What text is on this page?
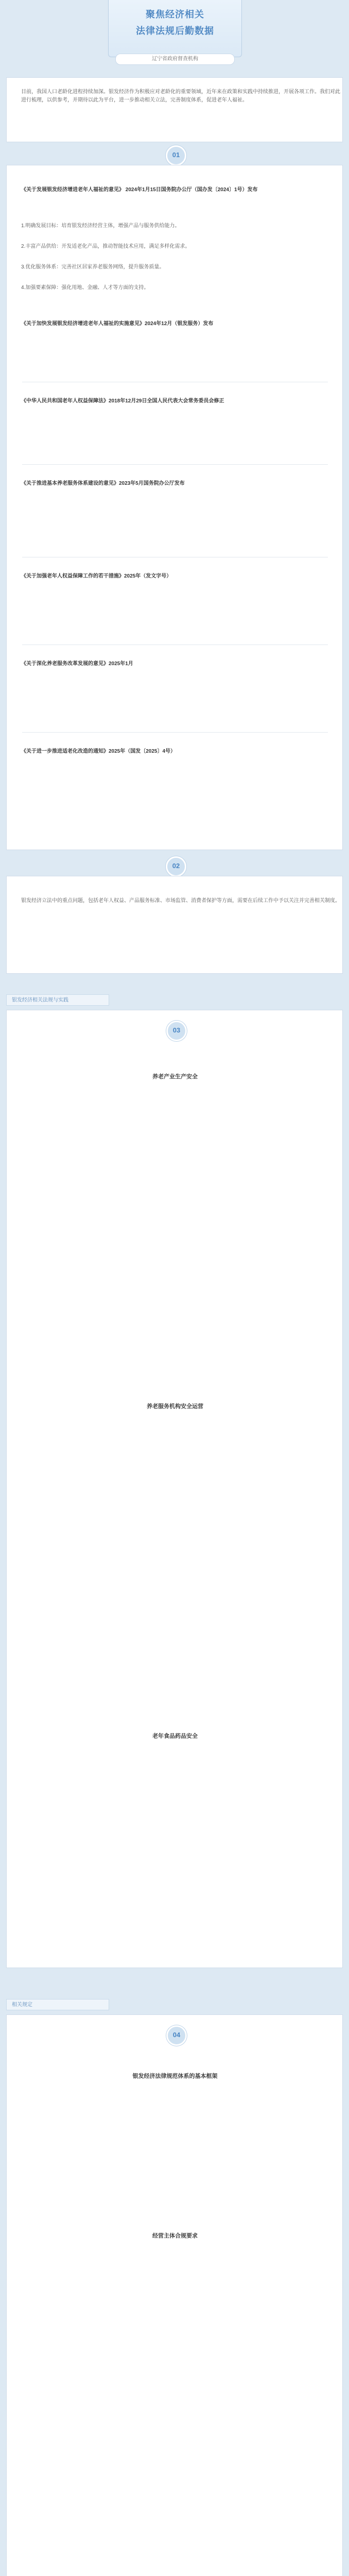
聚焦经济相关
法律法规后勤数据
辽宁省政府督查机构
目前，我国人口老龄化进程持续加深。银发经济作为积极应对老龄化的重要领域，近年来在政策和实践中持续推进，开展各项工作。我们对此进行梳理，以供参考，并期待以此为平台，进一步推动相关立法，完善制度体系，促进老年人福祉。
01
《关于发展银发经济增进老年人福祉的意见》 2024年1月15日国务院办公厅（国办发〔2024〕1号）发布
1.明确发展目标：培育银发经济经营主体，增强产品与服务供给能力。
2.丰富产品供给：开发适老化产品，推动智能技术应用，满足多样化需求。
3.优化服务体系：完善社区居家养老服务网络，提升服务质量。
4.加强要素保障：强化用地、金融、人才等方面的支持。
《关于加快发展银发经济增进老年人福祉的实施意见》2024年12月（银发服务）发布
《中华人民共和国老年人权益保障法》2018年12月29日全国人民代表大会常务委员会修正
《关于推进基本养老服务体系建设的意见》2023年5月国务院办公厅发布
《关于加强老年人权益保障工作的若干措施》2025年（发文字号）
《关于深化养老服务改革发展的意见》2025年1月
《关于进一步推进适老化改造的通知》2025年（国发〔2025〕4号）
02
银发经济立法中的重点问题，包括老年人权益、产品服务标准、市场监管、消费者保护等方面，需要在后续工作中予以关注并完善相关制度。
银发经济相关法规与实践
03
养老产业生产安全
养老服务机构安全运营
老年食品药品安全
相关规定
04
银发经济法律规范体系的基本框架
经营主体合规要求
